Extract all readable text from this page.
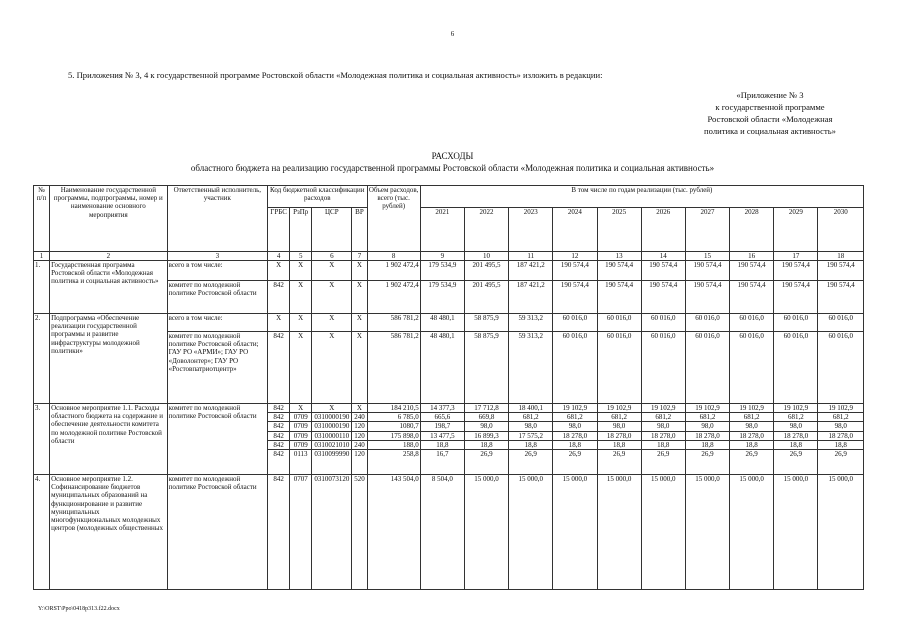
6
5. Приложения № 3, 4 к государственной программе Ростовской области «Молодежная политика и социальная активность» изложить в редакции:
«Приложение № 3
к государственной программе
Ростовской области «Молодежная
политика и социальная активность»
РАСХОДЫ
областного бюджета на реализацию государственной программы Ростовской области «Молодежная политика и социальная активность»
№ п/п	Наименование государственной программы, подпрограммы, номер и наименование основного мероприятия	Ответственный исполнитель, участник	Код бюджетной классификации расходов				Объем расходов, всего (тыс. рублей)	В том числе по годам реализации (тыс. рублей)									
			ГРБС	РзПр	ЦСР	ВР		2021	2022	2023	2024	2025	2026	2027	2028	2029	2030
1	2	3	4	5	6	7	8	9	10	11	12	13	14	15	16	17	18
1.	Государственная программа Ростовской области «Молодежная политика и социальная активность»	всего в том числе:	X	X	X	X	1 902 472,4	179 534,9	201 495,5	187 421,2	190 574,4	190 574,4	190 574,4	190 574,4	190 574,4	190 574,4	190 574,4
		комитет по молодежной политике Ростовской области	842	X	X	X	1 902 472,4	179 534,9	201 495,5	187 421,2	190 574,4	190 574,4	190 574,4	190 574,4	190 574,4	190 574,4	190 574,4
2.	Подпрограмма «Обеспечение реализации государственной программы и развитие инфраструктуры молодежной политики»	всего в том числе:	X	X	X	X	586 781,2	48 480,1	58 875,9	59 313,2	60 016,0	60 016,0	60 016,0	60 016,0	60 016,0	60 016,0	60 016,0
		комитет по молодежной политике Ростовской области; ГАУ РО «АРМИ»; ГАУ РО «Доволонтер»; ГАУ РО «Ростовпатриотцентр»	842	X	X	X	586 781,2	48 480,1	58 875,9	59 313,2	60 016,0	60 016,0	60 016,0	60 016,0	60 016,0	60 016,0	60 016,0
3.	Основное мероприятие 1.1. Расходы областного бюджета на содержание и обеспечение деятельности комитета по молодежной политике Ростовской области	комитет по молодежной политике Ростовской области	842	X	X	X	184 210,5	14 377,3	17 712,8	18 400,1	19 102,9	19 102,9	19 102,9	19 102,9	19 102,9	19 102,9	19 102,9
			842	0709	0310000190	240	6 785,0	665,6	669,8	681,2	681,2	681,2	681,2	681,2	681,2	681,2	681,2
			842	0709	0310000190	120	1080,7	198,7	98,0	98,0	98,0	98,0	98,0	98,0	98,0	98,0	98,0
			842	0709	0310000110	120	175 898,0	13 477,5	16 899,3	17 575,2	18 278,0	18 278,0	18 278,0	18 278,0	18 278,0	18 278,0	18 278,0
			842	0709	0310021010	240	188,0	18,8	18,8	18,8	18,8	18,8	18,8	18,8	18,8	18,8	18,8
			842	0113	0310099990	120	258,8	16,7	26,9	26,9	26,9	26,9	26,9	26,9	26,9	26,9	26,9
4.	Основное мероприятие 1.2. Софинансирование бюджетов муниципальных образований на функционирование и развитие муниципальных многофункциональных молодежных центров (молодежных общественных	комитет по молодежной политике Ростовской области	842	0707	0310073120	520	143 504,0	8 504,0	15 000,0	15 000,0	15 000,0	15 000,0	15 000,0	15 000,0	15 000,0	15 000,0	15 000,0
Y:\ORST\Ppo\0418p313.f22.docx
